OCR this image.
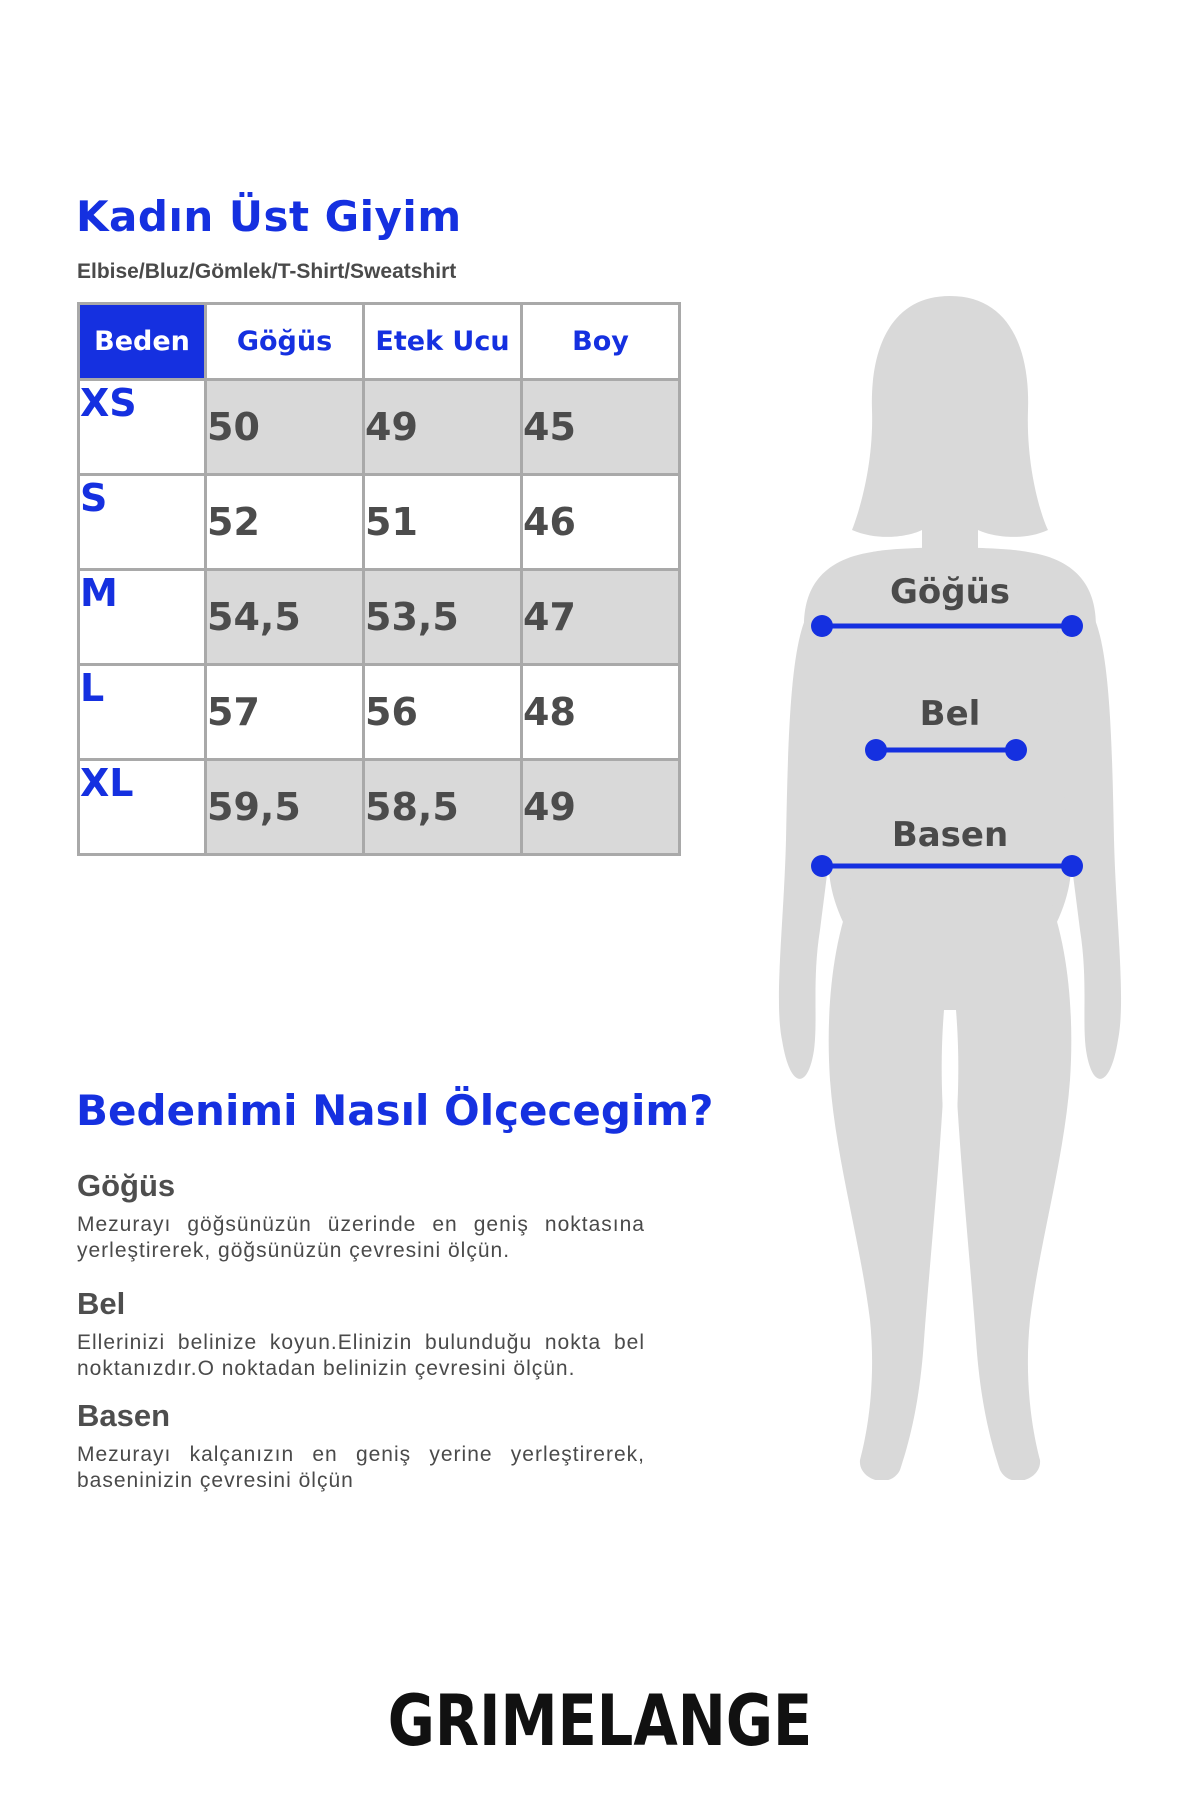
Kadın Üst Giyim
Elbise/Bluz/Gömlek/T-Shirt/Sweatshirt
Beden	Göğüs	Etek Ucu	Boy
XS	50	49	45
S	52	51	46
M	54,5	53,5	47
L	57	56	48
XL	59,5	58,5	49
Bedenimi Nasıl Ölçecegim?
Göğüs

Mezurayı göğsünüzün üzerinde en geniş noktasına yerleştirerek, göğsünüzün çevresini ölçün.

Bel

Ellerinizi belinize koyun.Elinizin bulunduğu nokta bel noktanızdır.O noktadan belinizin çevresini ölçün.

Basen

Mezurayı kalçanızın en geniş yerine yerleştirerek, baseninizin çevresini ölçün

Göğüs
Bel
Basen
GRIMELANGE
